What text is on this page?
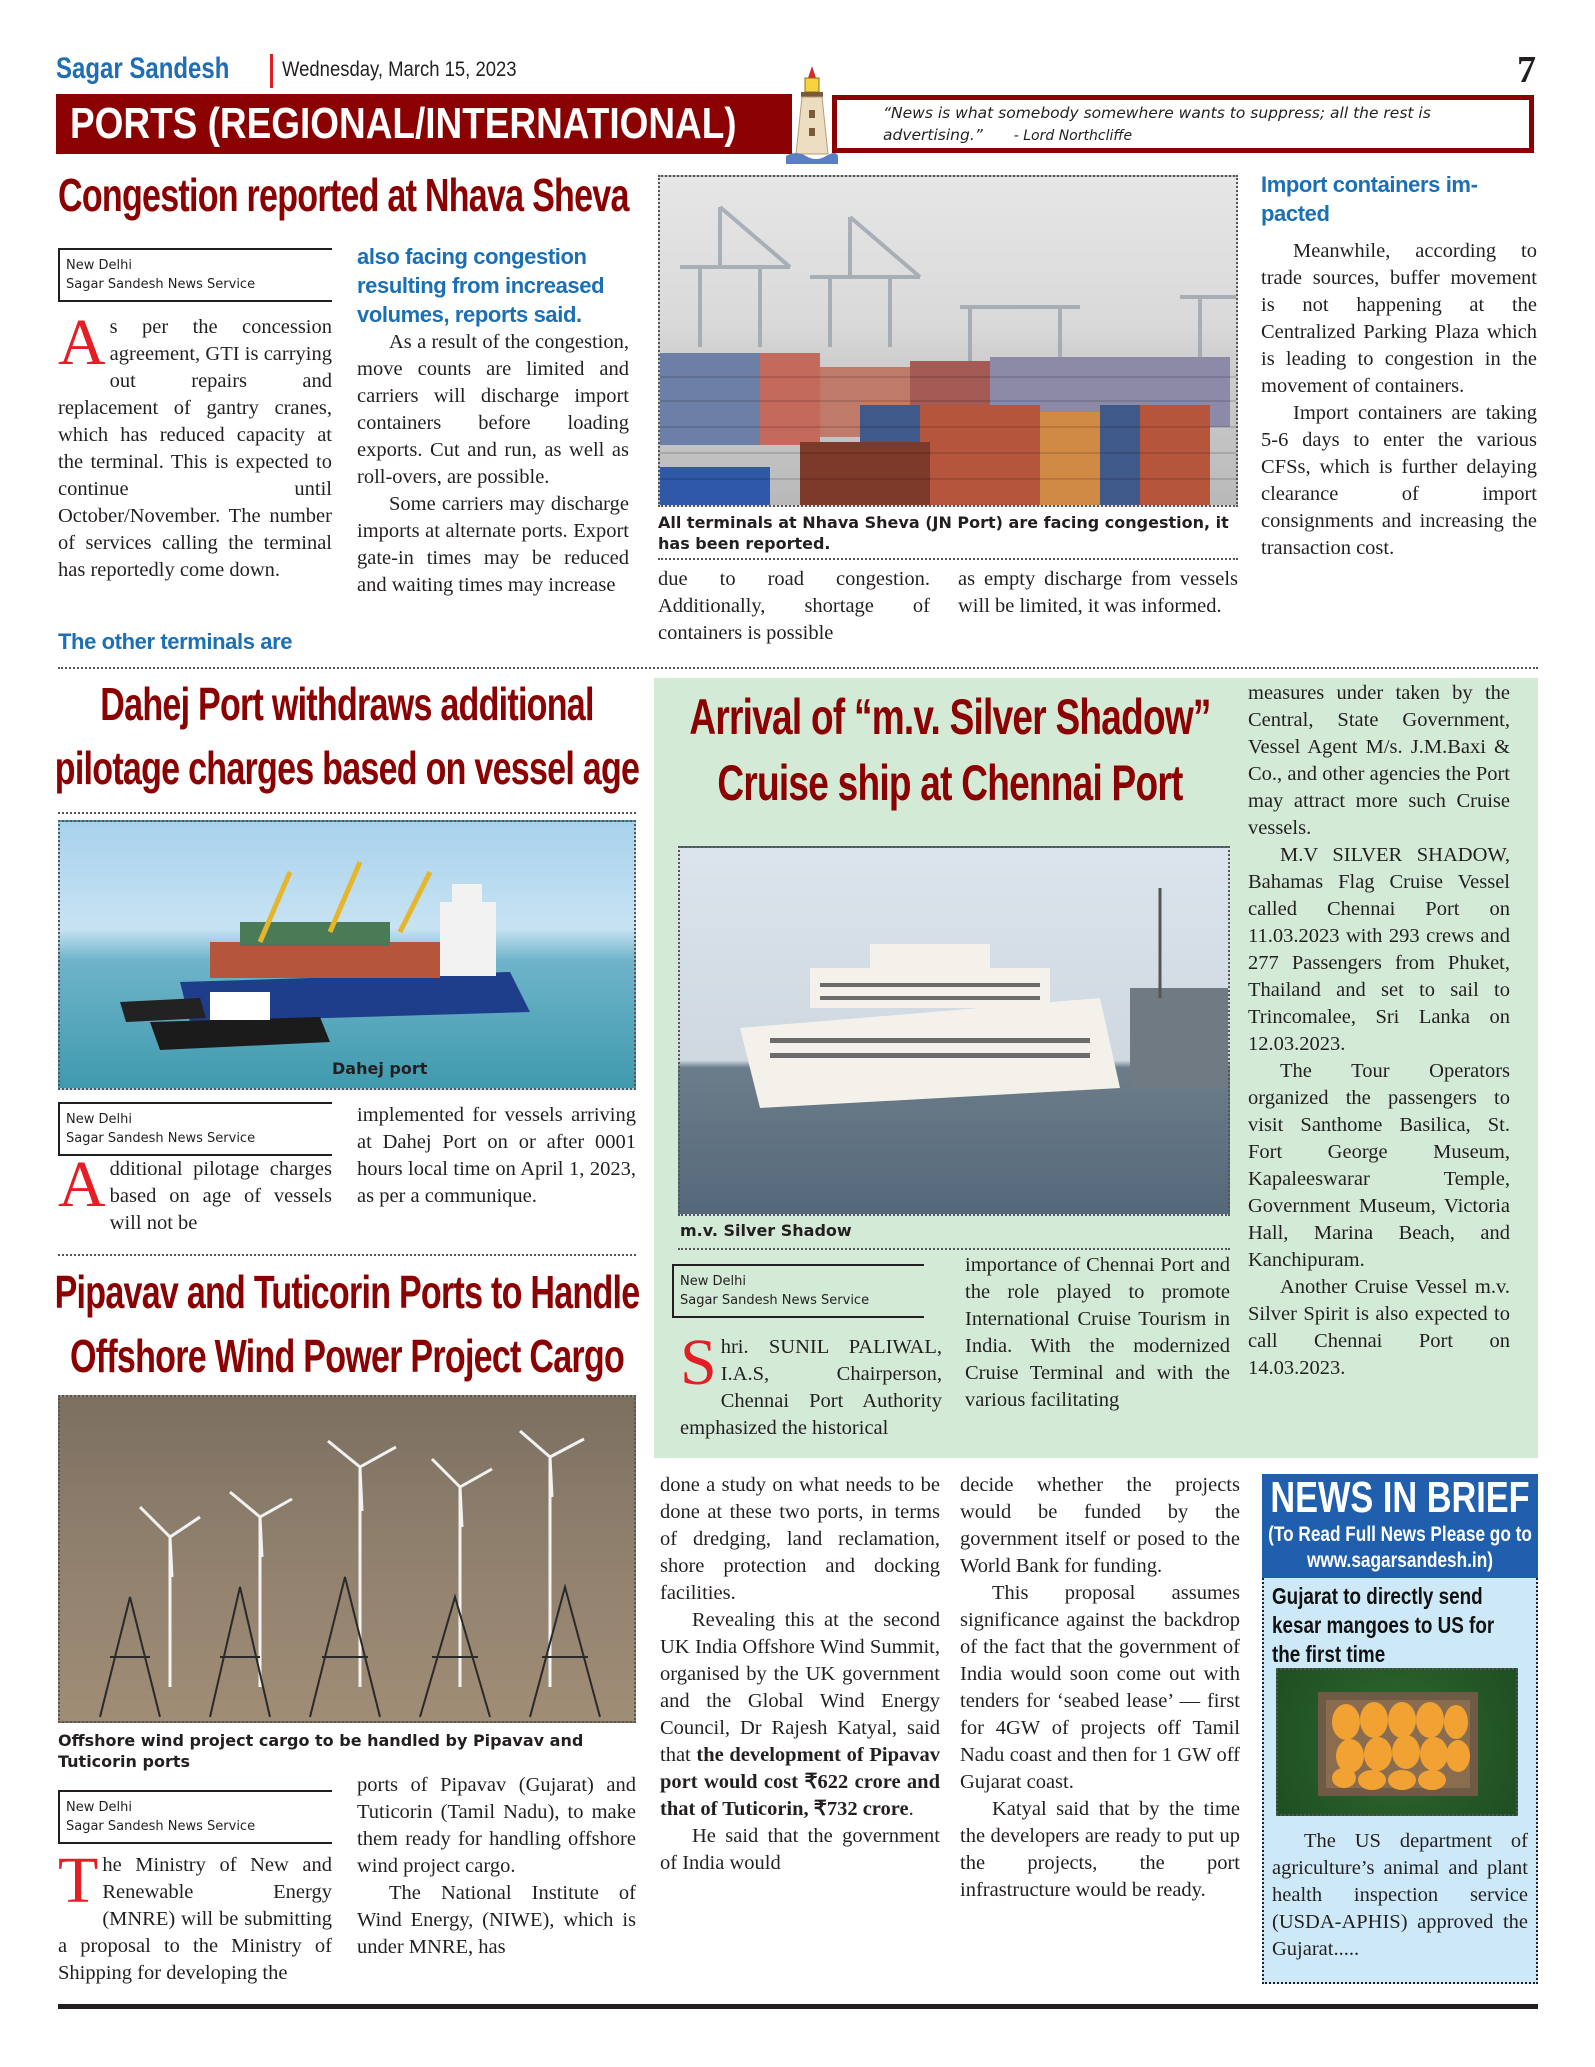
Sagar Sandesh	Wednesday, March 15, 2023	7
PORTS (REGIONAL/INTERNATIONAL)	“News is what somebody somewhere wants to suppress; all the rest is advertising.” - Lord Northcliffe
Congestion reported at Nhava Sheva
New Delhi
Sagar Sandesh News Service
A s per the concession agreement, GTI is carrying out repairs and replacement of gantry cranes, which has reduced capacity at the terminal. This is expected to continue until October/November. The number of services calling the terminal has reportedly come down.

The other terminals are
also facing congestion resulting from increased volumes, reports said.

As a result of the congestion, move counts are limited and carriers will discharge import containers before loading exports. Cut and run, as well as roll-overs, are possible.

Some carriers may discharge imports at alternate ports. Export gate-in times may be reduced and waiting times may increase

All terminals at Nhava Sheva (JN Port) are facing congestion, it has been reported.

due to road congestion. Additionally, shortage of containers is possible

as empty discharge from vessels will be limited, it was informed.

Import containers im-pacted

Meanwhile, according to trade sources, buffer movement is not happening at the Centralized Parking Plaza which is leading to congestion in the movement of containers.

Import containers are taking 5-6 days to enter the various CFSs, which is further delaying clearance of import consignments and increasing the transaction cost.

Dahej Port withdraws additional
pilotage charges based on vessel age
Dahej port
New Delhi
Sagar Sandesh News Service
A dditional pilotage charges based on age of vessels will not be

implemented for vessels arriving at Dahej Port on or after 0001 hours local time on April 1, 2023, as per a communique.

Arrival of “m.v. Silver Shadow”
Cruise ship at Chennai Port
m.v. Silver Shadow
New Delhi
Sagar Sandesh News Service
S hri. SUNIL PALIWAL, I.A.S, Chairperson, Chennai Port Authority emphasized the historical

importance of Chennai Port and the role played to promote International Cruise Tourism in India. With the modernized Cruise Terminal and with the various facilitating

measures under taken by the Central, State Government, Vessel Agent M/s. J.M.Baxi & Co., and other agencies the Port may attract more such Cruise vessels.

M.V SILVER SHADOW, Bahamas Flag Cruise Vessel called Chennai Port on 11.03.2023 with 293 crews and 277 Passengers from Phuket, Thailand and set to sail to Trincomalee, Sri Lanka on 12.03.2023.

The Tour Operators organized the passengers to visit Santhome Basilica, St. Fort George Museum, Kapaleeswarar Temple, Government Museum, Victoria Hall, Marina Beach, and Kanchipuram.

Another Cruise Vessel m.v. Silver Spirit is also expected to call Chennai Port on 14.03.2023.

Pipavav and Tuticorin Ports to Handle
Offshore Wind Power Project Cargo
Offshore wind project cargo to be handled by Pipavav and Tuticorin ports
New Delhi
Sagar Sandesh News Service
T he Ministry of New and Renewable Energy (MNRE) will be submitting a proposal to the Ministry of Shipping for developing the

ports of Pipavav (Gujarat) and Tuticorin (Tamil Nadu), to make them ready for handling offshore wind project cargo.

The National Institute of Wind Energy, (NIWE), which is under MNRE, has

done a study on what needs to be done at these two ports, in terms of dredging, land reclamation, shore protection and docking facilities.

Revealing this at the second UK India Offshore Wind Summit, organised by the UK government and the Global Wind Energy Council, Dr Rajesh Katyal, said that the development of Pipavav port would cost ₹622 crore and that of Tuticorin, ₹732 crore.

He said that the government of India would

decide whether the projects would be funded by the government itself or posed to the World Bank for funding.

This proposal assumes significance against the backdrop of the fact that the government of India would soon come out with tenders for ‘seabed lease’ — first for 4GW of projects off Tamil Nadu coast and then for 1 GW off Gujarat coast.

Katyal said that by the time the developers are ready to put up the projects, the port infrastructure would be ready.

NEWS IN BRIEF
(To Read Full News Please go to www.sagarsandesh.in)
Gujarat to directly send kesar mangoes to US for the first time

The US department of agriculture’s animal and plant health inspection service (USDA-APHIS) approved the Gujarat.....
